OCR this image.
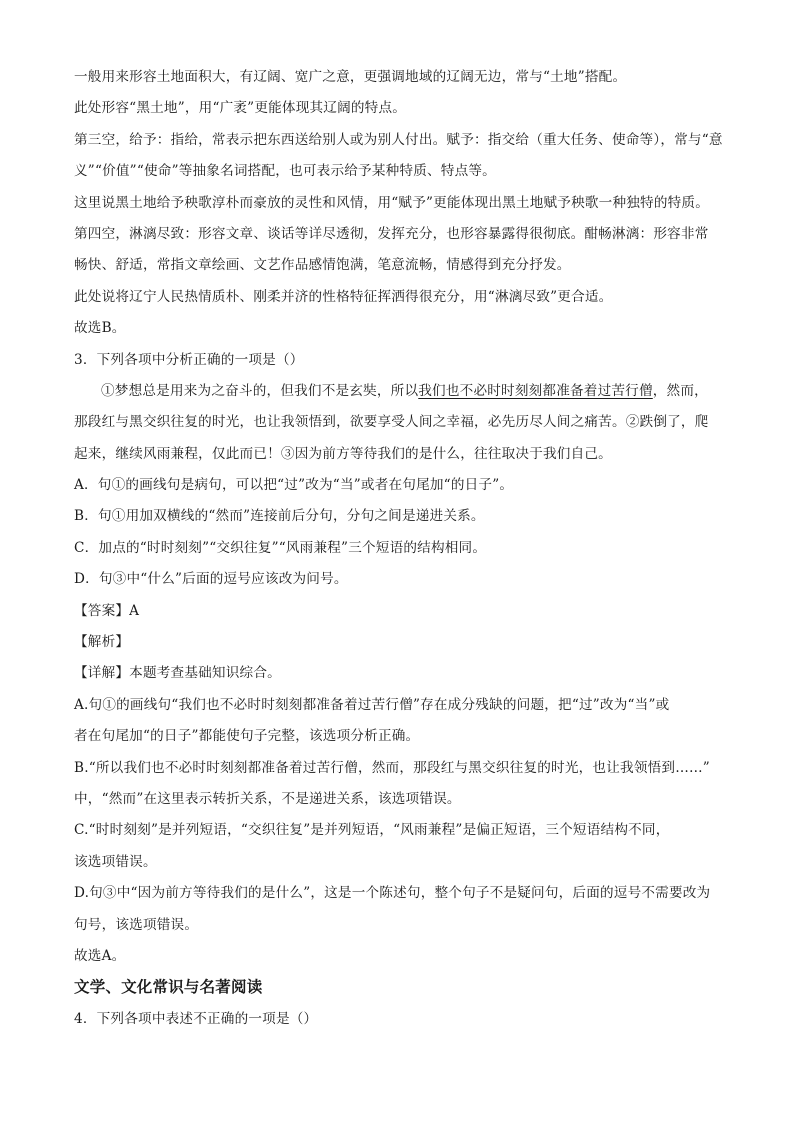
一般用来形容土地面积大，有辽阔、宽广之意，更强调地域的辽阔无边，常与“土地”搭配。
此处形容“黑土地”，用“广袤”更能体现其辽阔的特点。
第三空，给予：指给，常表示把东西送给别人或为别人付出。赋予：指交给（重大任务、使命等），常与“意
义”“价值”“使命”等抽象名词搭配，也可表示给予某种特质、特点等。
这里说黑土地给予秧歌淳朴而豪放的灵性和风情，用“赋予”更能体现出黑土地赋予秧歌一种独特的特质。
第四空，淋漓尽致：形容文章、谈话等详尽透彻，发挥充分，也形容暴露得很彻底。酣畅淋漓：形容非常
畅快、舒适，常指文章绘画、文艺作品感情饱满，笔意流畅，情感得到充分抒发。
此处说将辽宁人民热情质朴、刚柔并济的性格特征挥洒得很充分，用“淋漓尽致”更合适。
故选B。
3．下列各项中分析正确的一项是（）
①梦想总是用来为之奋斗的，但我们不是玄奘，所以我们也不必时时刻刻都准备着过苦行僧，然而，
那段红与黑交织往复的时光，也让我领悟到，欲要享受人间之幸福，必先历尽人间之痛苦。②跌倒了，爬
起来，继续风雨兼程，仅此而已！③因为前方等待我们的是什么，往往取决于我们自己。
A．句①的画线句是病句，可以把“过”改为“当”或者在句尾加“的日子”。
B．句①用加双横线的“然而”连接前后分句，分句之间是递进关系。
C．加点的“时时刻刻”“交织往复”“风雨兼程”三个短语的结构相同。
D．句③中“什么”后面的逗号应该改为问号。
【答案】A
【解析】
【详解】本题考查基础知识综合。
A.句①的画线句“我们也不必时时刻刻都准备着过苦行僧”存在成分残缺的问题，把“过”改为“当”或
者在句尾加“的日子”都能使句子完整，该选项分析正确。
B.“所以我们也不必时时刻刻都准备着过苦行僧，然而，那段红与黑交织往复的时光，也让我领悟到……”
中，“然而”在这里表示转折关系，不是递进关系，该选项错误。
C.“时时刻刻”是并列短语，“交织往复”是并列短语，“风雨兼程”是偏正短语，三个短语结构不同，
该选项错误。
D.句③中“因为前方等待我们的是什么”，这是一个陈述句，整个句子不是疑问句，后面的逗号不需要改为
句号，该选项错误。
故选A。
文学、文化常识与名著阅读
4．下列各项中表述不正确的一项是（）
